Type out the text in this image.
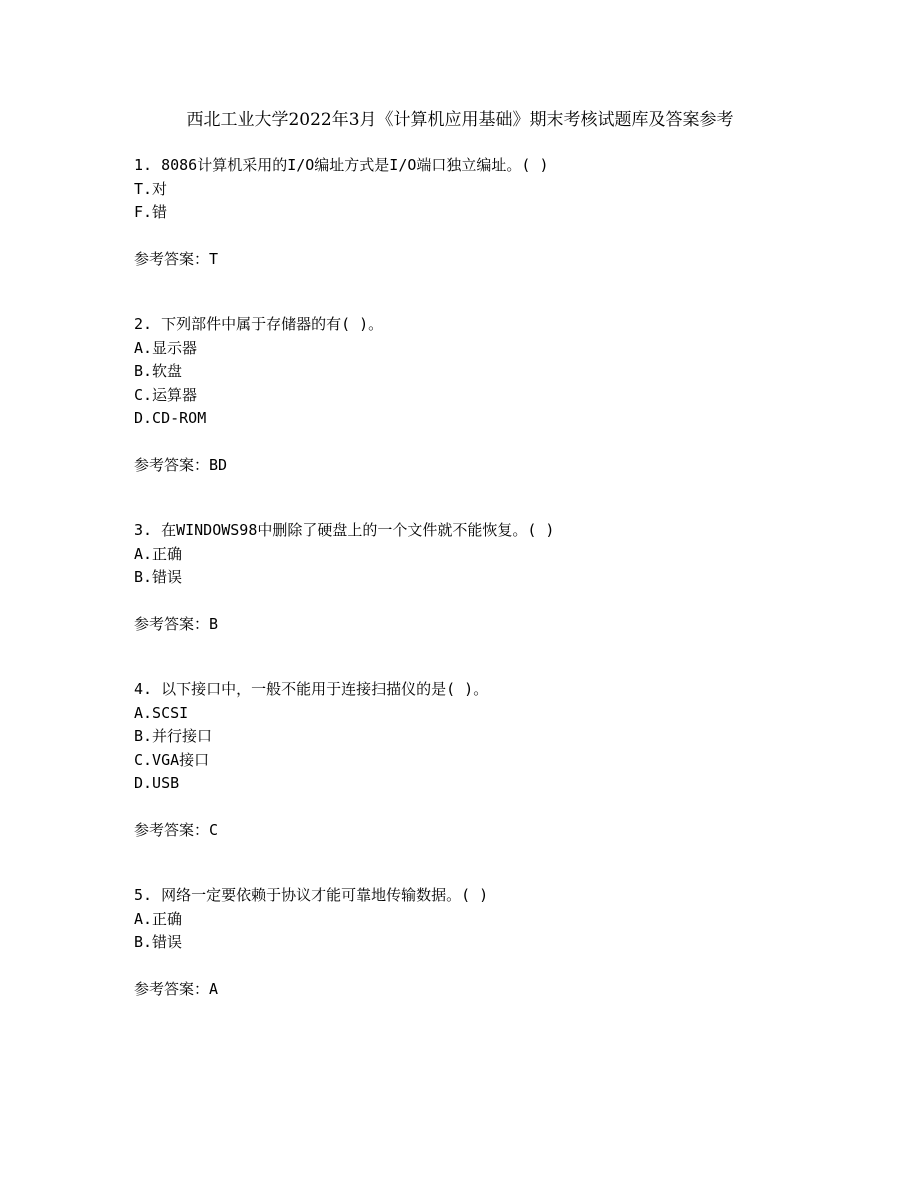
西北工业大学2022年3月《计算机应用基础》期末考核试题库及答案参考
1. 8086计算机采用的I/O编址方式是I/O端口独立编址。( )
T.对
F.错
参考答案：T
2. 下列部件中属于存储器的有( )。
A.显示器
B.软盘
C.运算器
D.CD-ROM
参考答案：BD
3. 在WINDOWS98中删除了硬盘上的一个文件就不能恢复。( )
A.正确
B.错误
参考答案：B
4. 以下接口中，一般不能用于连接扫描仪的是( )。
A.SCSI
B.并行接口
C.VGA接口
D.USB
参考答案：C
5. 网络一定要依赖于协议才能可靠地传输数据。( )
A.正确
B.错误
参考答案：A
